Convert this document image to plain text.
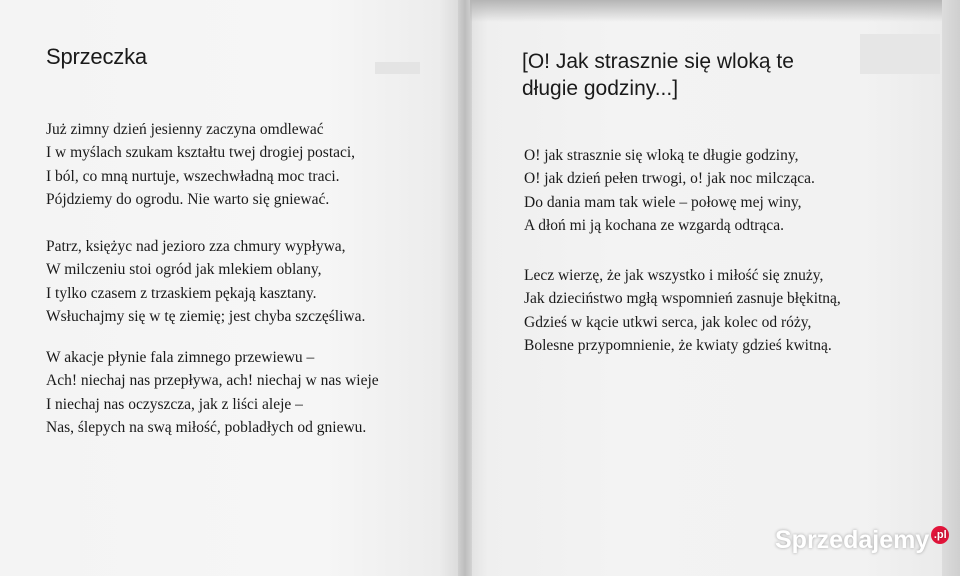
Sprzeczka
Już zimny dzień jesienny zaczyna omdlewać
I w myślach szukam kształtu twej drogiej postaci,
I ból, co mną nurtuje, wszechwładną moc traci.
Pójdziemy do ogrodu. Nie warto się gniewać.
Patrz, księżyc nad jezioro zza chmury wypływa,
W milczeniu stoi ogród jak mlekiem oblany,
I tylko czasem z trzaskiem pękają kasztany.
Wsłuchajmy się w tę ziemię; jest chyba szczęśliwa.
W akacje płynie fala zimnego przewiewu –
Ach! niechaj nas przepływa, ach! niechaj w nas wieje
I niechaj nas oczyszcza, jak z liści aleje –
Nas, ślepych na swą miłość, pobladłych od gniewu.
[O! Jak strasznie się wloką te
długie godziny...]
O! jak strasznie się wloką te długie godziny,
O! jak dzień pełen trwogi, o! jak noc milcząca.
Do dania mam tak wiele – połowę mej winy,
A dłoń mi ją kochana ze wzgardą odtrąca.
Lecz wierzę, że jak wszystko i miłość się znuży,
Jak dzieciństwo mgłą wspomnień zasnuje błękitną,
Gdzieś w kącie utkwi serca, jak kolec od róży,
Bolesne przypomnienie, że kwiaty gdzieś kwitną.
Sprzedajemy .pl
